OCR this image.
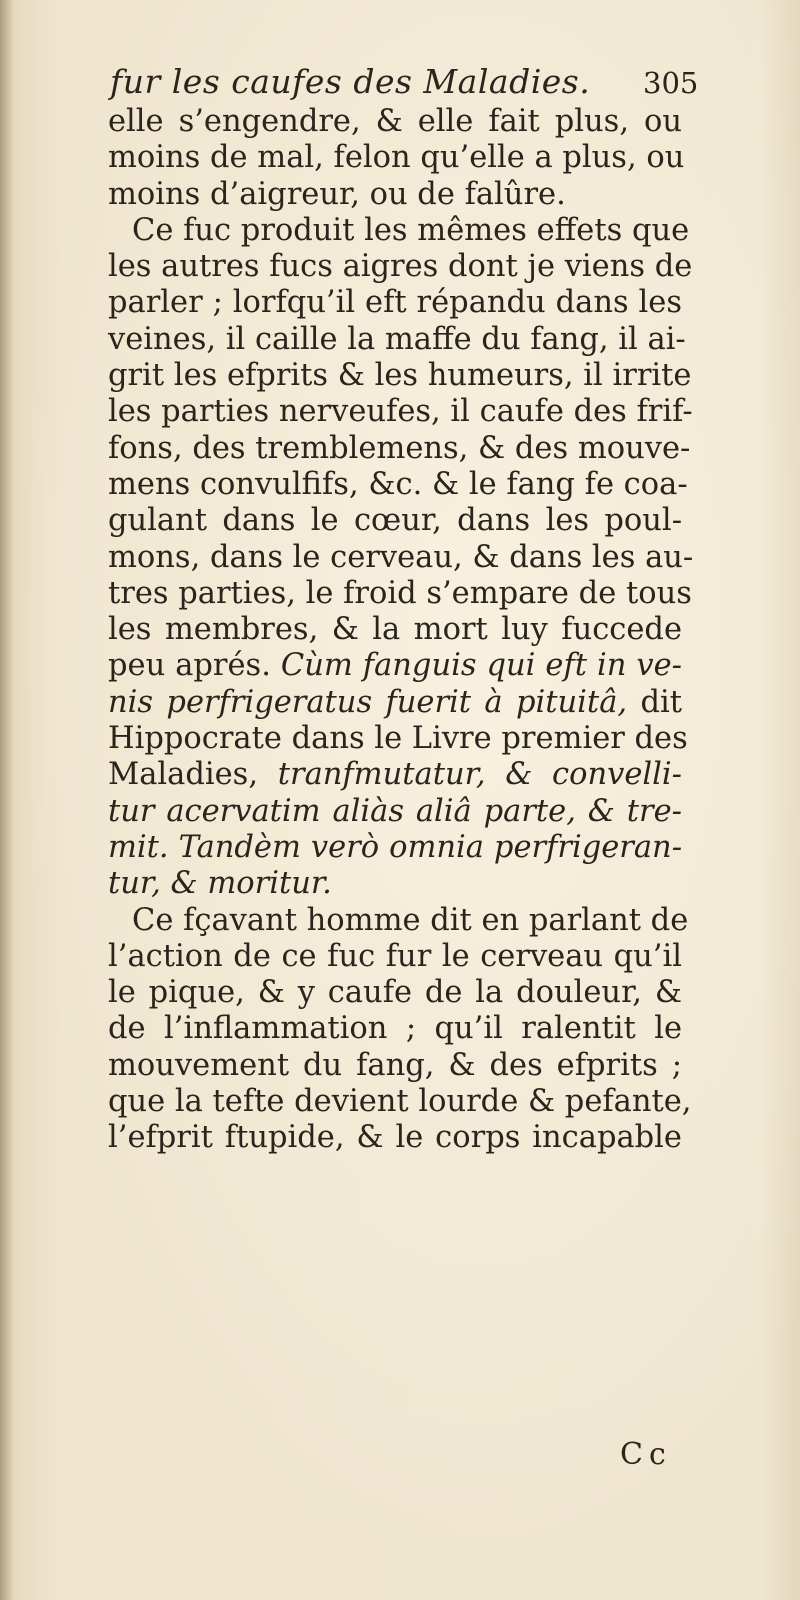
fur les caufes des Maladies.	305
elle s’engendre, & elle fait plus, ou
moins de mal, felon qu’elle a plus, ou
moins d’aigreur, ou de falûre.
Ce fuc produit les mêmes effets que
les autres fucs aigres dont je viens de
parler ; lorfqu’il eft répandu dans les
veines, il caille la maffe du fang, il ai-
grit les efprits & les humeurs, il irrite
les parties nerveufes, il caufe des frif-
fons, des tremblemens, & des mouve-
mens convulfifs, &c. & le fang fe coa-
gulant dans le cœur, dans les poul-
mons, dans le cerveau, & dans les au-
tres parties, le froid s’empare de tous
les membres, & la mort luy fuccede
peu aprés. Cùm fanguis qui eft in ve-
nis perfrigeratus fuerit à pituitâ, dit
Hippocrate dans le Livre premier des
Maladies, tranfmutatur, & convelli-
tur acervatim aliàs aliâ parte, & tre-
mit. Tandèm verò omnia perfrigeran-
tur, & moritur.
Ce fçavant homme dit en parlant de
l’action de ce fuc fur le cerveau qu’il
le pique, & y caufe de la douleur, &
de l’inflammation ; qu’il ralentit le
mouvement du fang, & des efprits ;
que la tefte devient lourde & pefante,
l’efprit ftupide, & le corps incapable
Cc
